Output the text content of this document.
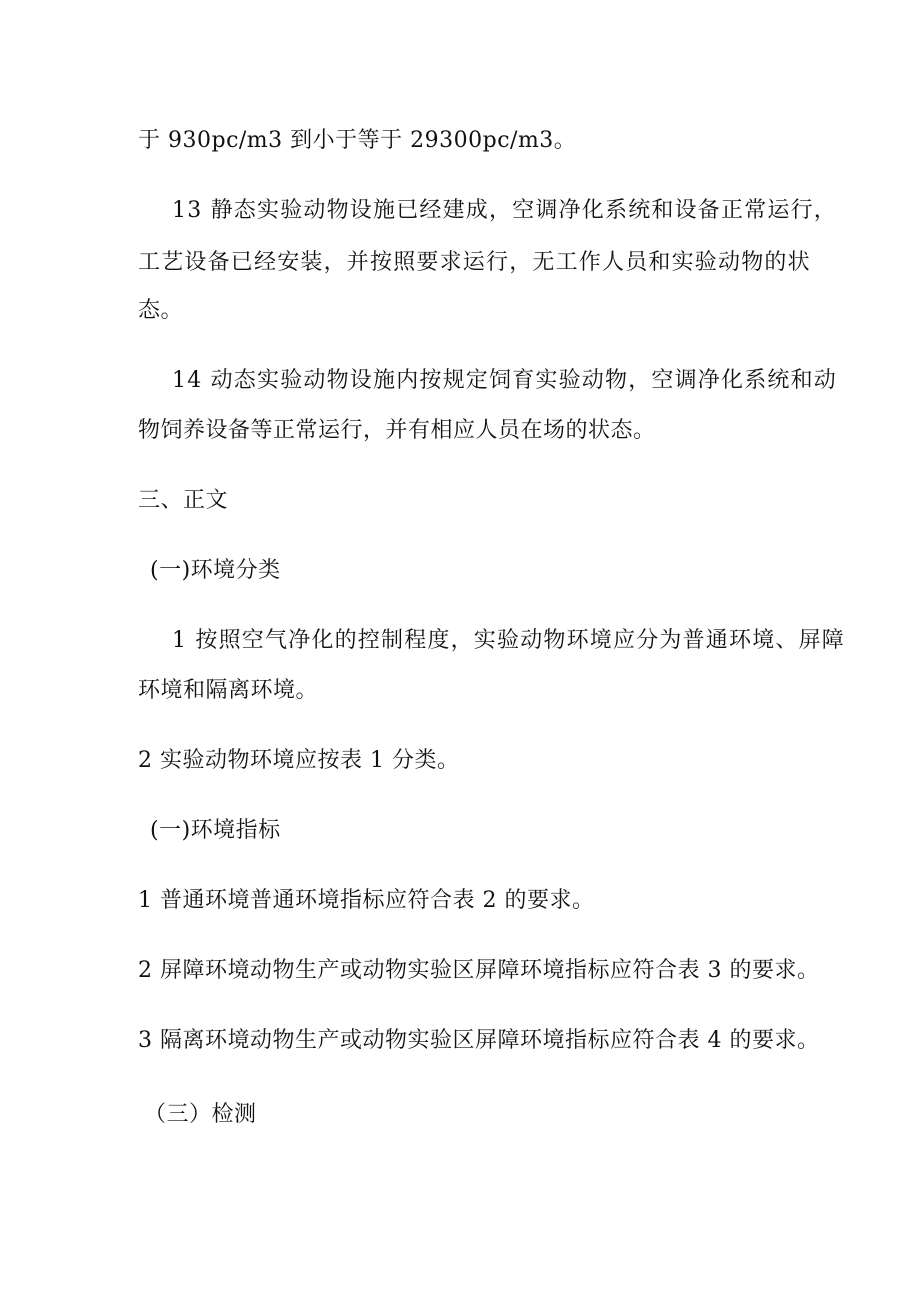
于 930pc/m3 到小于等于 29300pc/m3。
13 静态实验动物设施已经建成，空调净化系统和设备正常运行，
工艺设备已经安装，并按照要求运行，无工作人员和实验动物的状
态。
14 动态实验动物设施内按规定饲育实验动物，空调净化系统和动
物饲养设备等正常运行，并有相应人员在场的状态。
三、正文
(一)环境分类
1 按照空气净化的控制程度，实验动物环境应分为普通环境、屏障
环境和隔离环境。
2 实验动物环境应按表 1 分类。
(一)环境指标
1 普通环境普通环境指标应符合表 2 的要求。
2 屏障环境动物生产或动物实验区屏障环境指标应符合表 3 的要求。
3 隔离环境动物生产或动物实验区屏障环境指标应符合表 4 的要求。
（三）检测
